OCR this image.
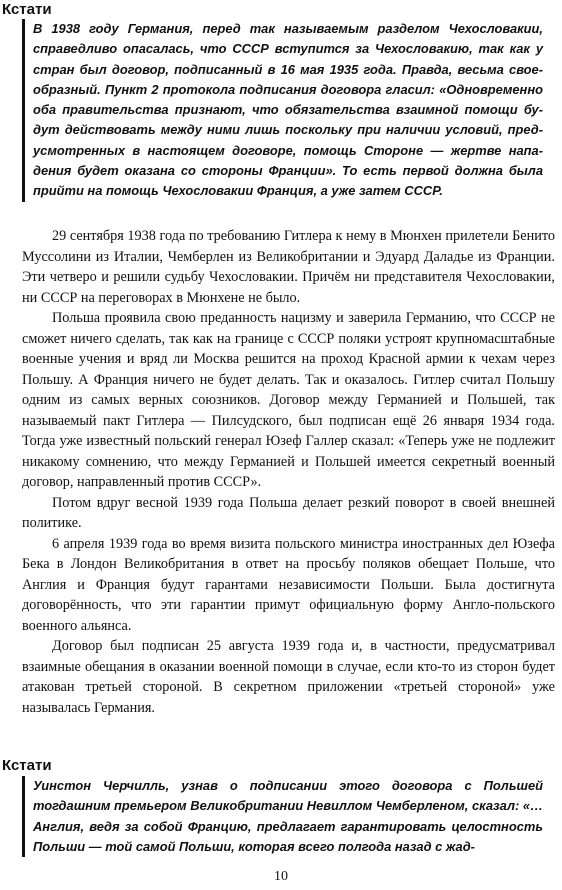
Кстати

В 1938 году Германия, перед так называемым разделом Чехословакии, справедливо опасалась, что СССР вступится за Чехословакию, так как у стран был договор, подписанный в 16 мая 1935 года. Правда, весьма своеобразный. Пункт 2 протокола подписания договора гласил: «Одновременно оба правительства признают, что обязательства взаимной помощи будут действовать между ними лишь поскольку при наличии условий, предусмотренных в настоящем договоре, помощь Стороне — жертве нападения будет оказана со стороны Франции». То есть первой должна была прийти на помощь Чехословакии Франция, а уже затем СССР.

29 сентября 1938 года по требованию Гитлера к нему в Мюнхен прилетели Бенито Муссолини из Италии, Чемберлен из Великобритании и Эдуард Даладье из Франции. Эти четверо и решили судьбу Чехословакии. Причём ни представителя Чехословакии, ни СССР на переговорах в Мюнхене не было.

Польша проявила свою преданность нацизму и заверила Германию, что СССР не сможет ничего сделать, так как на границе с СССР поляки устроят крупномасштабные военные учения и вряд ли Москва решится на проход Красной армии к чехам через Польшу. А Франция ничего не будет делать. Так и оказалось. Гитлер считал Польшу одним из самых верных союзников. Договор между Германией и Польшей, так называемый пакт Гитлера — Пилсудского, был подписан ещё 26 января 1934 года. Тогда уже известный польский генерал Юзеф Галлер сказал: «Теперь уже не подлежит никакому сомнению, что между Германией и Польшей имеется секретный военный договор, направленный против СССР».

Потом вдруг весной 1939 года Польша делает резкий поворот в своей внешней политике.

6 апреля 1939 года во время визита польского министра иностранных дел Юзефа Бека в Лондон Великобритания в ответ на просьбу поляков обещает Польше, что Англия и Франция будут гарантами независимости Польши. Была достигнута договорённость, что эти гарантии примут официальную форму Англо-польского военного альянса.

Договор был подписан 25 августа 1939 года и, в частности, предусматривал взаимные обещания в оказании военной помощи в случае, если кто-то из сторон будет атакован третьей стороной. В секретном приложении «третьей стороной» уже называлась Германия.

Кстати

Уинстон Черчилль, узнав о подписании этого договора с Польшей тогдашним премьером Великобритании Невиллом Чемберленом, сказал: «…Англия, ведя за собой Францию, предлагает гарантировать целостность Польши — той самой Польши, которая всего полгода назад с жад-

10
